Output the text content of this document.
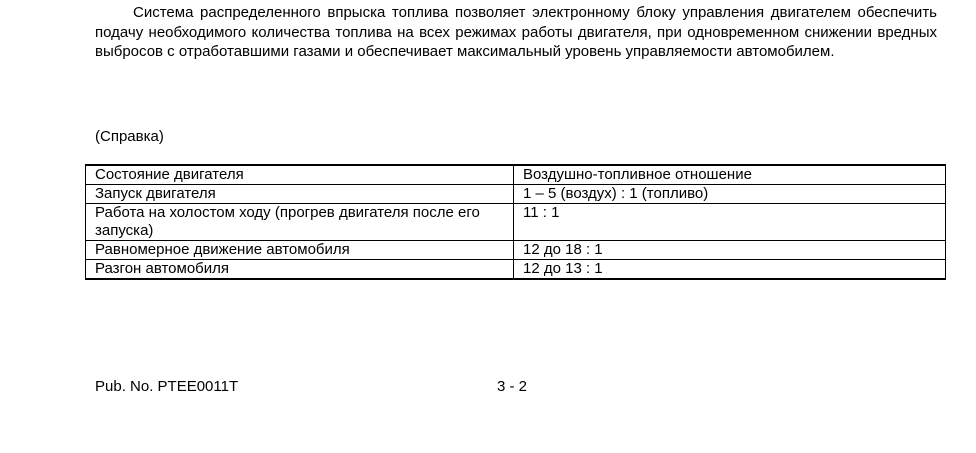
Система распределенного впрыска топлива позволяет электронному блоку управления двигателем обеспечить подачу необходимого количества топлива на всех режимах работы двигателя, при одновременном снижении вредных выбросов с отработавшими газами и обеспечивает максимальный уровень управляемости автомобилем.

(Справка)

Состояние двигателя	Воздушно-топливное отношение
Запуск двигателя	1 – 5 (воздух) : 1 (топливо)
Работа на холостом ходу (прогрев двигателя после его запуска)	11 : 1
Равномерное движение автомобиля	12 до 18 : 1
Разгон автомобиля	12 до 13 : 1

Pub. No. PTEE0011T	3 - 2
